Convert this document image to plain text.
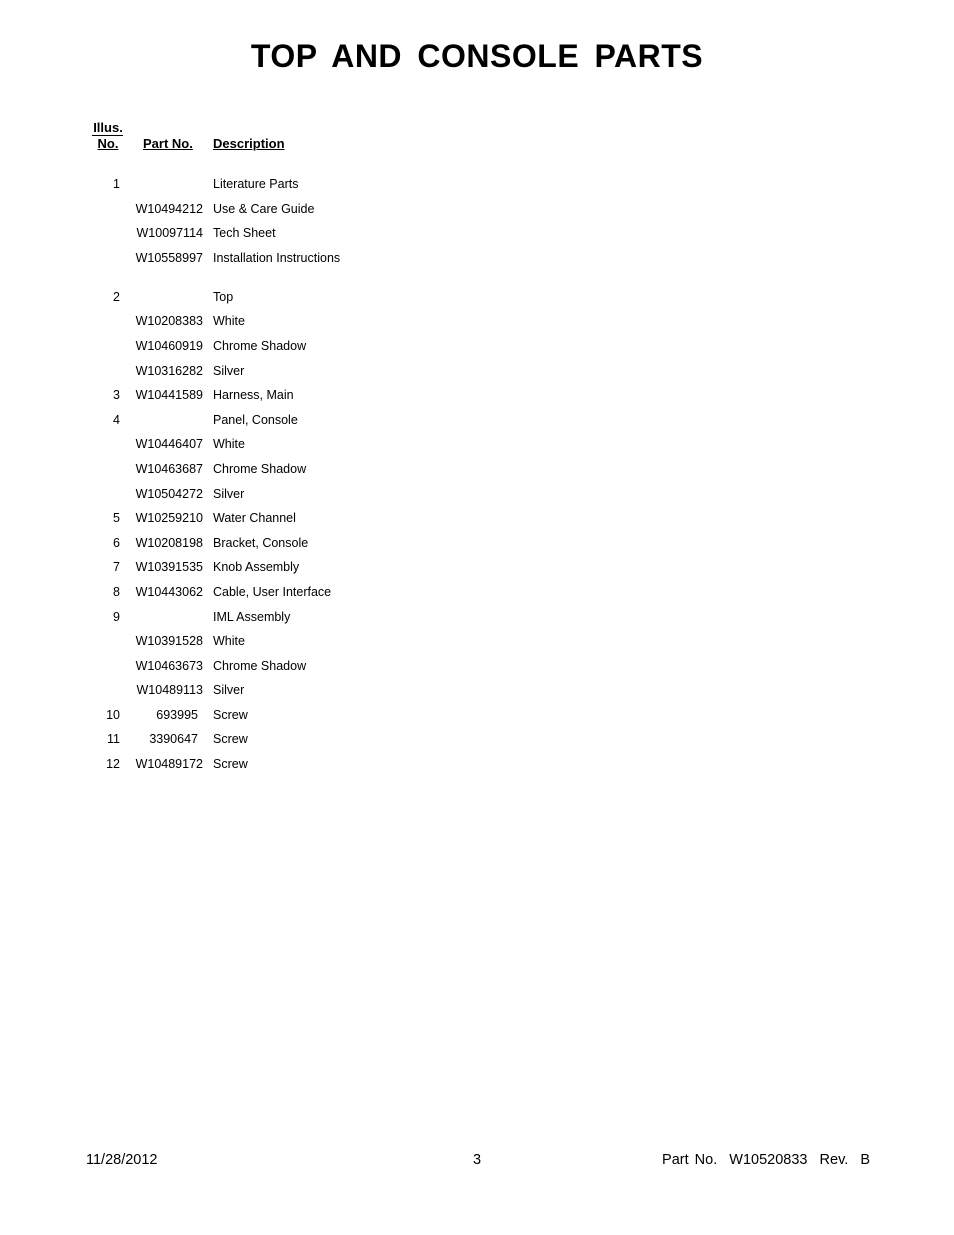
TOP AND CONSOLE PARTS
Illus.
No.	Part No. Description
1	Literature Parts
W10494212 Use & Care Guide
W10097114 Tech Sheet
W10558997 Installation Instructions
2	Top
W10208383 White
W10460919 Chrome Shadow
W10316282 Silver
3 W10441589 Harness, Main
4	Panel, Console
W10446407 White
W10463687 Chrome Shadow
W10504272 Silver
5 W10259210 Water Channel
6 W10208198 Bracket, Console
7 W10391535 Knob Assembly
8 W10443062 Cable, User Interface
9	IML Assembly
W10391528 White
W10463673 Chrome Shadow
W10489113 Silver
10	693995 Screw
11 3390647 Screw
12 W10489172 Screw
11/28/2012	3	Part No.  W10520833  Rev.  B
